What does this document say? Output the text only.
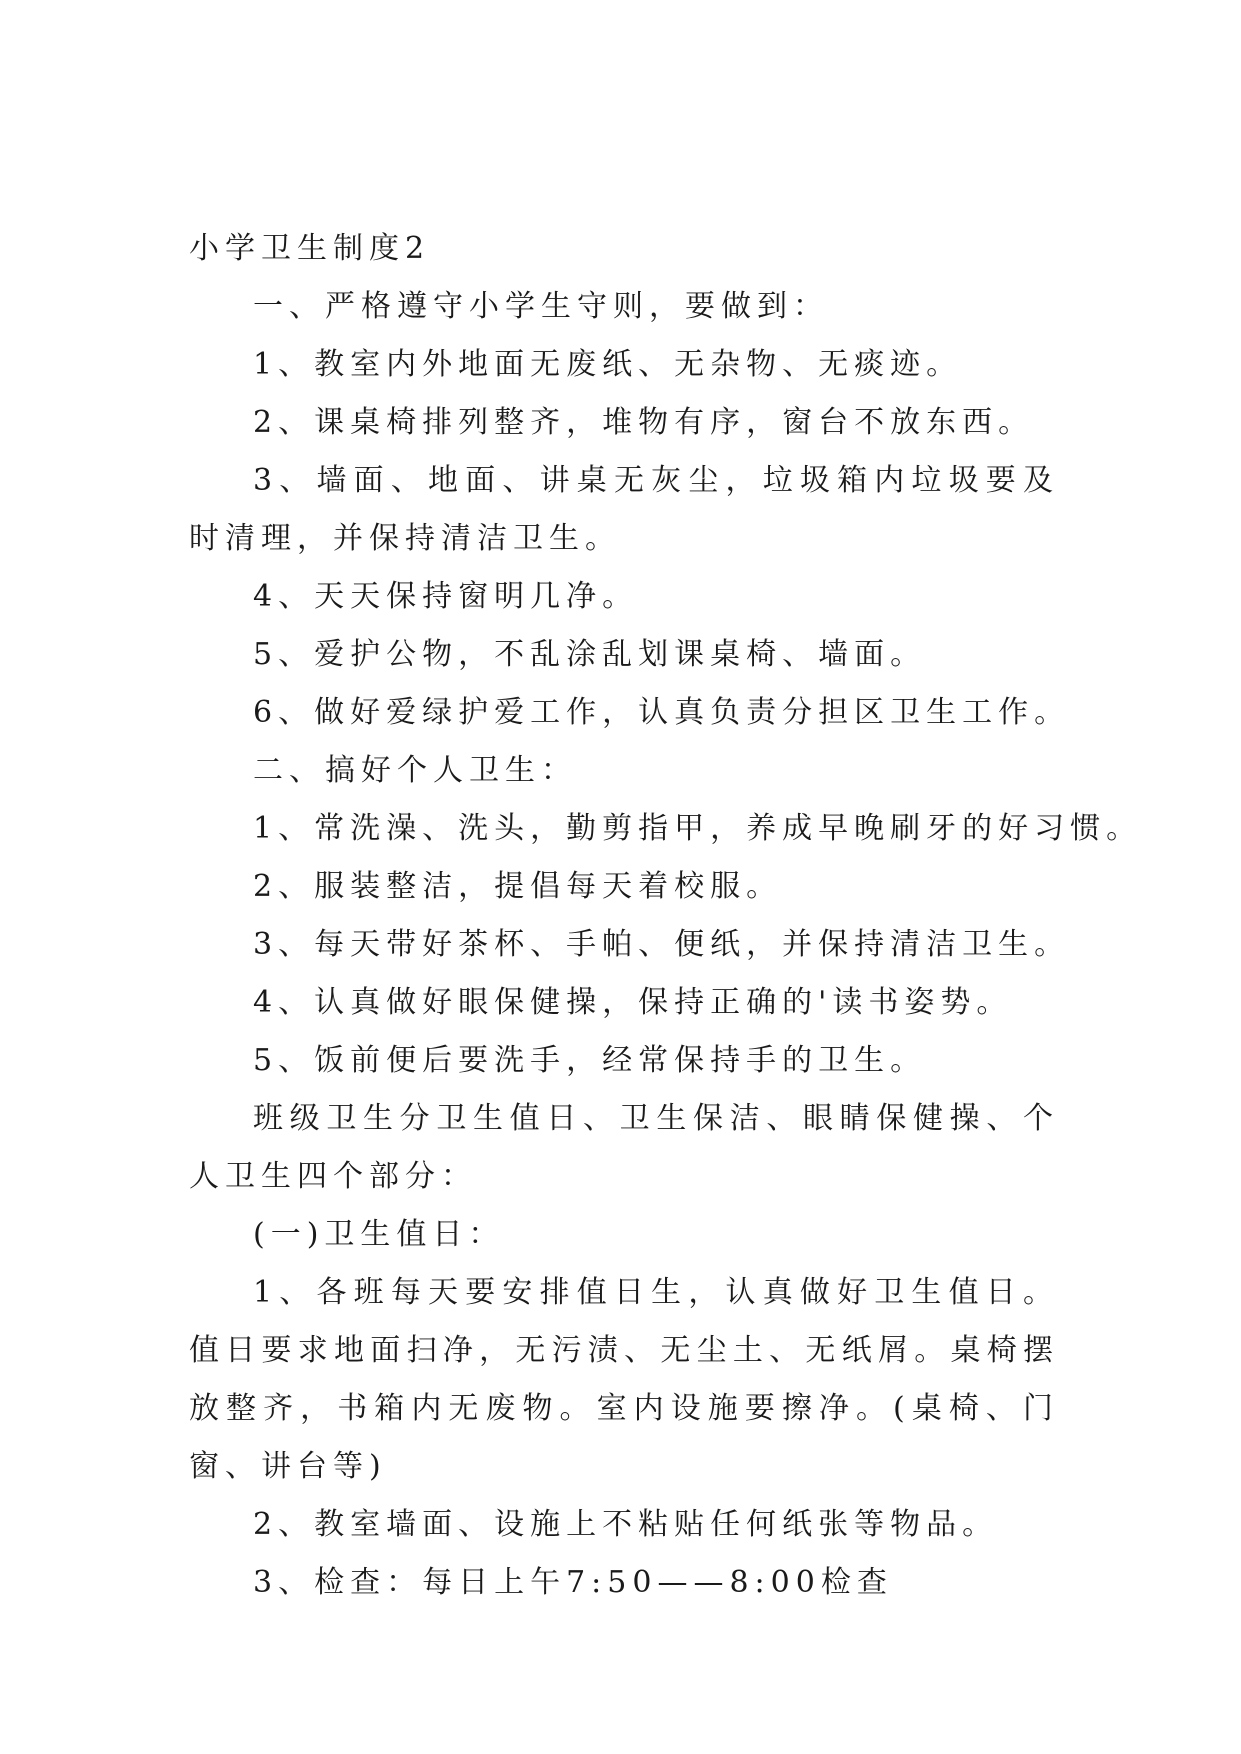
小学卫生制度2

一、严格遵守小学生守则，要做到：

1、教室内外地面无废纸、无杂物、无痰迹。

2、课桌椅排列整齐，堆物有序，窗台不放东西。

3、墙面、地面、讲桌无灰尘，垃圾箱内垃圾要及时清理，并保持清洁卫生。

4、天天保持窗明几净。

5、爱护公物，不乱涂乱划课桌椅、墙面。

6、做好爱绿护爱工作，认真负责分担区卫生工作。

二、搞好个人卫生：

1、常洗澡、洗头，勤剪指甲，养成早晚刷牙的好习惯。

2、服装整洁，提倡每天着校服。

3、每天带好茶杯、手帕、便纸，并保持清洁卫生。

4、认真做好眼保健操，保持正确的'读书姿势。

5、饭前便后要洗手，经常保持手的卫生。

班级卫生分卫生值日、卫生保洁、眼睛保健操、个人卫生四个部分：

(一)卫生值日：

1、各班每天要安排值日生，认真做好卫生值日。值日要求地面扫净，无污渍、无尘土、无纸屑。桌椅摆放整齐，书箱内无废物。室内设施要擦净。(桌椅、门窗、讲台等)

2、教室墙面、设施上不粘贴任何纸张等物品。

3、检查：每日上午7:50——8:00检查
